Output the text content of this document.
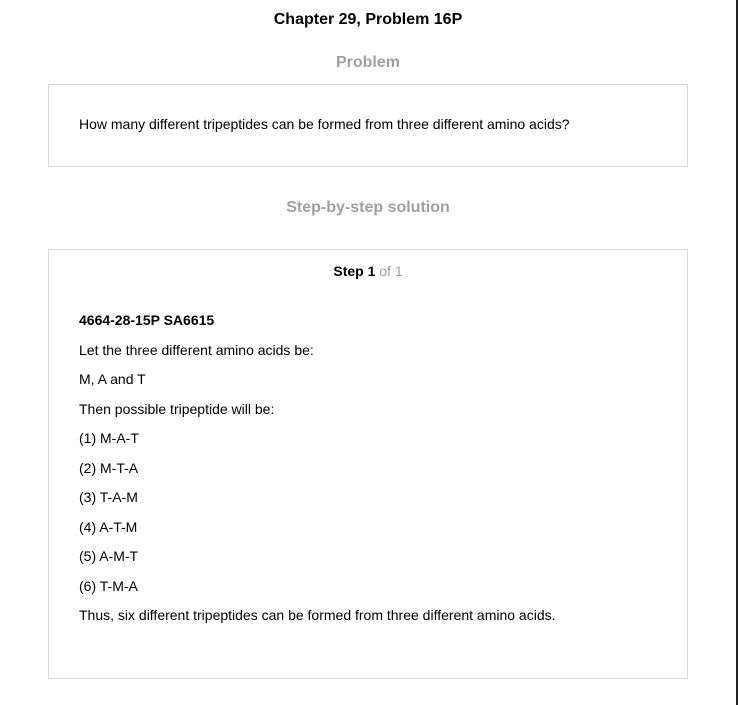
Chapter 29, Problem 16P
Problem
How many different tripeptides can be formed from three different amino acids?
Step-by-step solution
Step 1 of 1
4664-28-15P SA6615
Let the three different amino acids be:
M, A and T
Then possible tripeptide will be:
(1) M-A-T
(2) M-T-A
(3) T-A-M
(4) A-T-M
(5) A-M-T
(6) T-M-A
Thus, six different tripeptides can be formed from three different amino acids.
